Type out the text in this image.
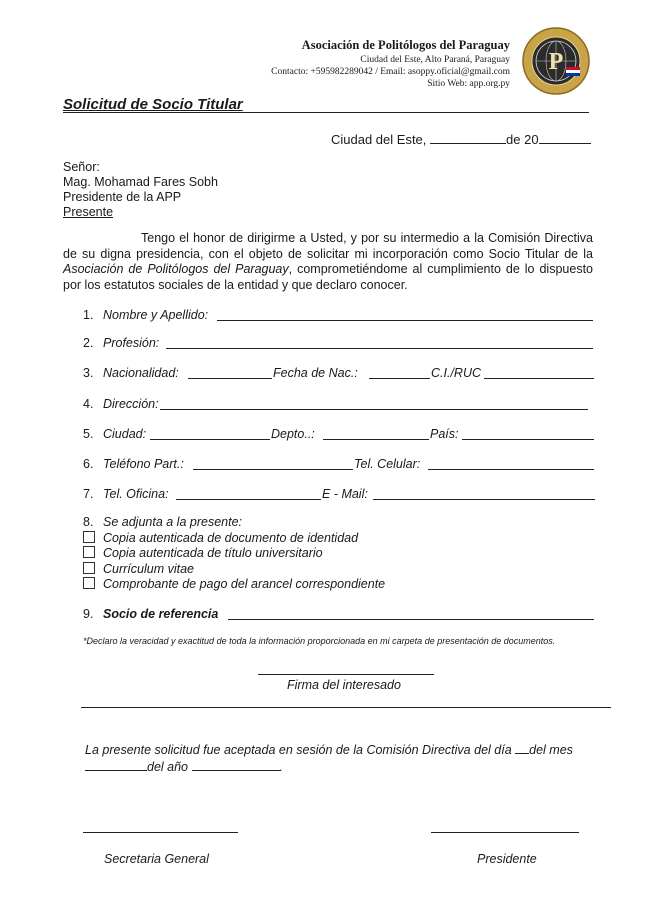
Asociación de Politólogos del Paraguay
Ciudad del Este, Alto Paraná, Paraguay
Contacto: +595982289042 / Email: asoppy.oficial@gmail.com
Sitio Web: app.org.py
P
Solicitud de Socio Titular
Ciudad del Este,	de 20
Señor:
Mag. Mohamad Fares Sobh
Presidente de la APP
Presente

Tengo el honor de dirigirme a Usted, y por su intermedio a la Comisión Directiva de su digna presidencia, con el objeto de solicitar mi incorporación como Socio Titular de la Asociación de Politólogos del Paraguay, comprometiéndome al cumplimiento de lo dispuesto por los estatutos sociales de la entidad y que declaro conocer.

1. Nombre y Apellido:
2. Profesión:
3. Nacionalidad:	Fecha de Nac.:	C.I./RUC
4. Dirección:
5. Ciudad:	Depto..:	País:
6. Teléfono Part.:	Tel. Celular:
7. Tel. Oficina:	E - Mail:
8. Se adjunta a la presente:
Copia autenticada de documento de identidad
Copia autenticada de título universitario
Currículum vitae
Comprobante de pago del arancel correspondiente
9. Socio de referencia
*Declaro la veracidad y exactitud de toda la información proporcionada en mi carpeta de presentación de documentos.
Firma del interesado
La presente solicitud fue aceptada en sesión de la Comisión Directiva del día del mes
del año	.
Secretaria General	Presidente
